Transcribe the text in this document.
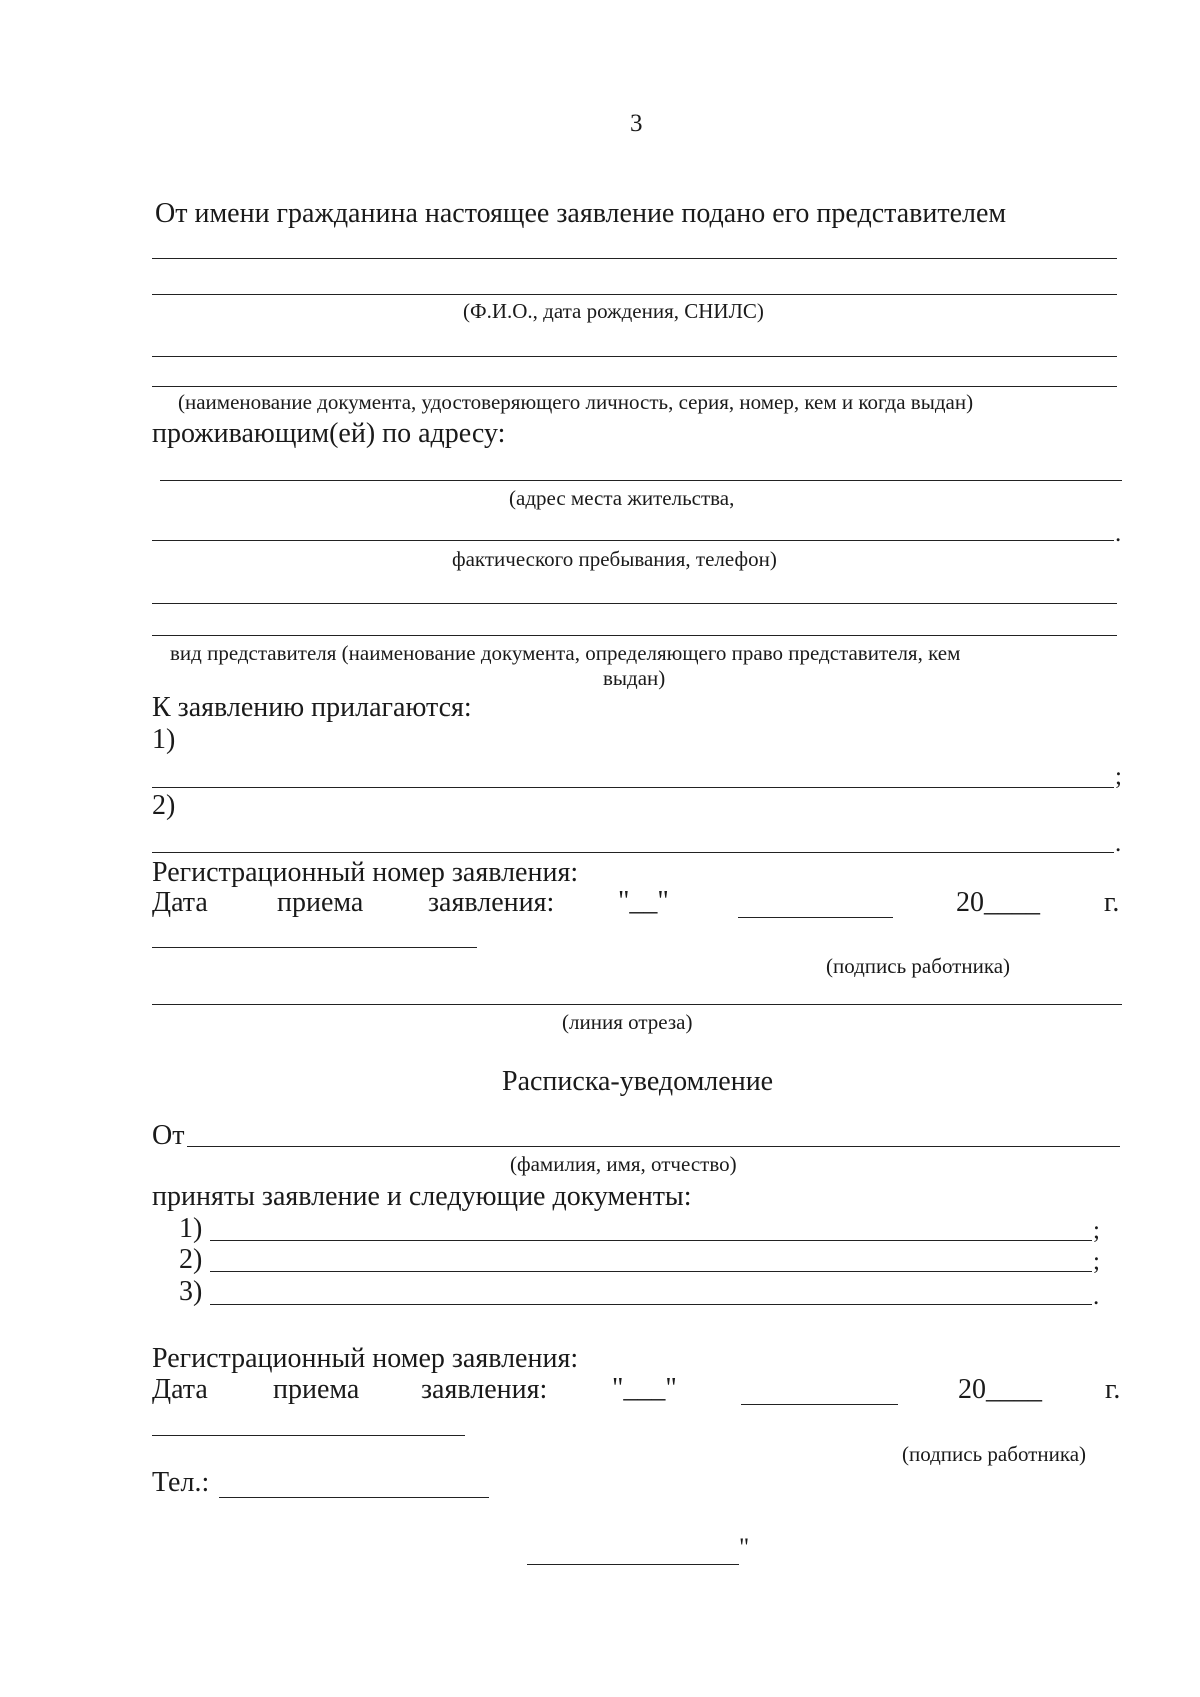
3
От имени гражданина настоящее заявление подано его представителем
(Ф.И.О., дата рождения, СНИЛС)
(наименование документа, удостоверяющего личность, серия, номер, кем и когда выдан)
проживающим(ей) по адресу:
(адрес места жительства,
.
фактического пребывания, телефон)
вид представителя (наименование документа, определяющего право представителя, кем
выдан)
К заявлению прилагаются:
1)
;
2)
.
Регистрационный номер заявления:
Дата приема заявления: "__"	20____ г.
(подпись работника)
(линия отреза)
Расписка-уведомление
От
(фамилия, имя, отчество)
приняты заявление и следующие документы:
1)	;
2)	;
3)	.
Регистрационный номер заявления:
Дата приема заявления: "___"	20____ г.
(подпись работника)
Тел.:
"
